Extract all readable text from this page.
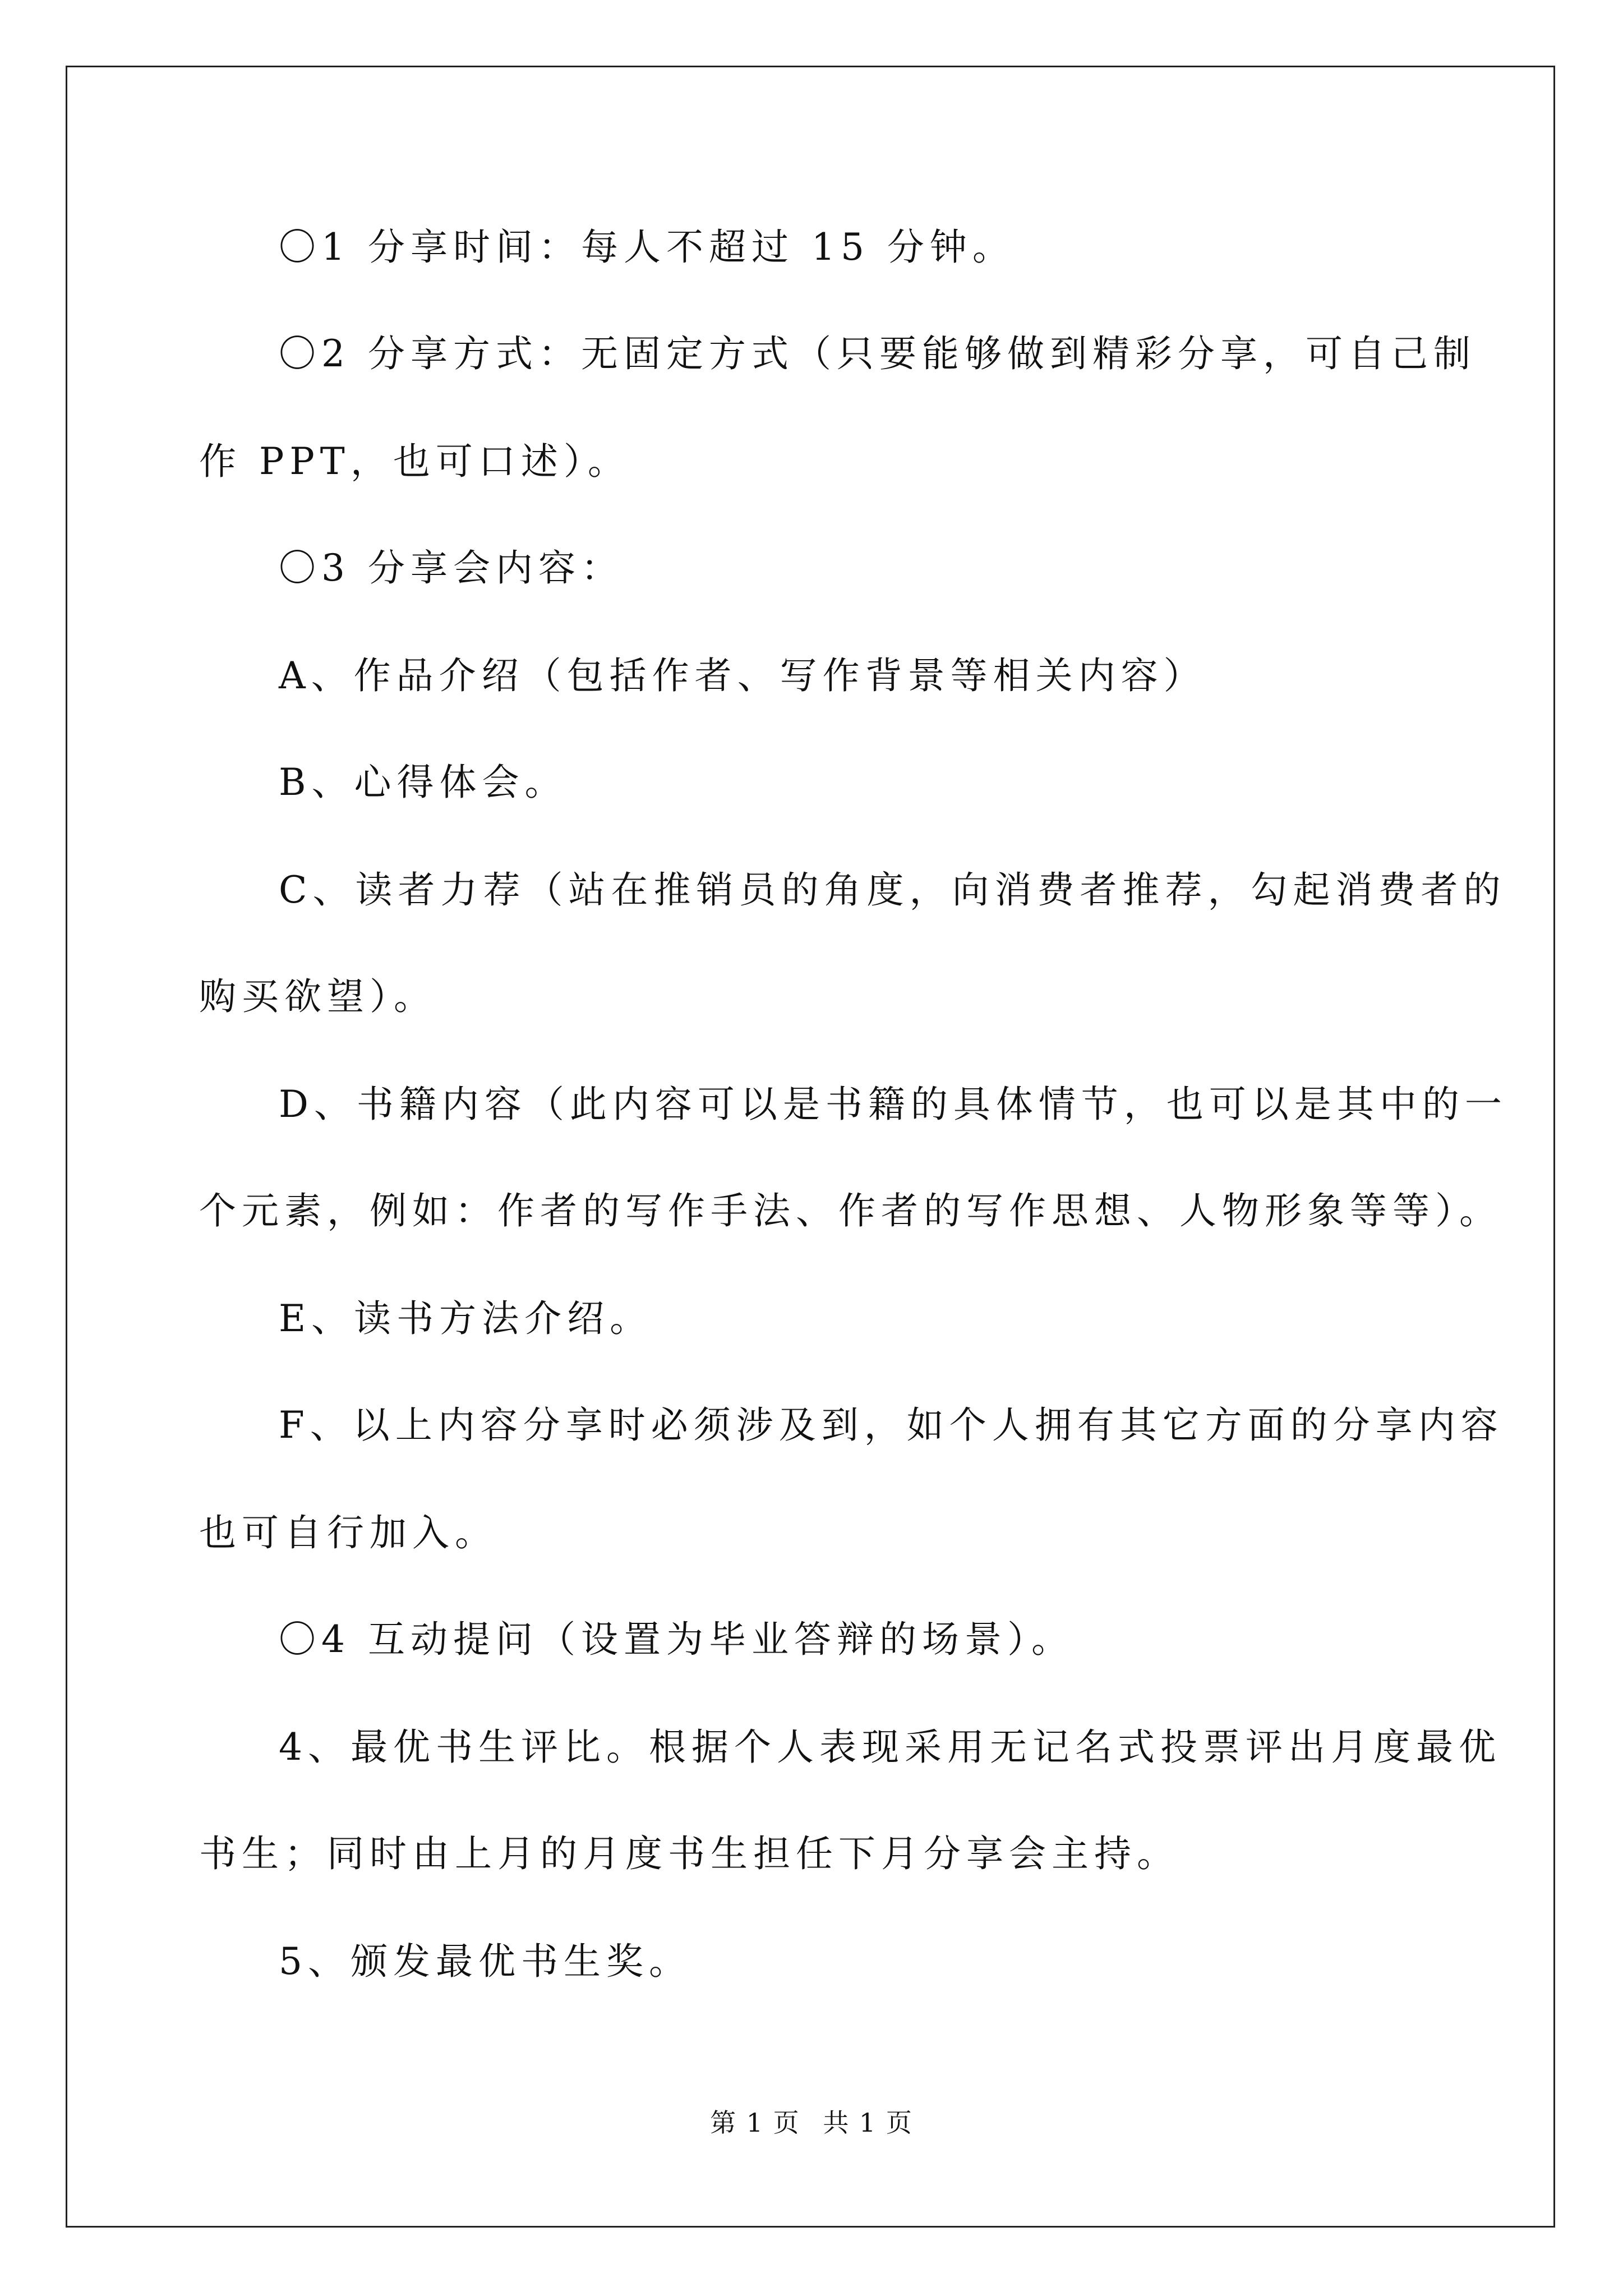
〇1 分享时间：每人不超过 15 分钟。
〇2 分享方式：无固定方式（只要能够做到精彩分享，可自己制
作 PPT，也可口述）。
〇3 分享会内容：
A、作品介绍（包括作者、写作背景等相关内容）
B、心得体会。
C、读者力荐（站在推销员的角度，向消费者推荐，勾起消费者的
购买欲望）。
D、书籍内容（此内容可以是书籍的具体情节，也可以是其中的一
个元素，例如：作者的写作手法、作者的写作思想、人物形象等等）。
E、读书方法介绍。
F、以上内容分享时必须涉及到，如个人拥有其它方面的分享内容
也可自行加入。
〇4 互动提问（设置为毕业答辩的场景）。
4、最优书生评比。根据个人表现采用无记名式投票评出月度最优
书生；同时由上月的月度书生担任下月分享会主持。
5、颁发最优书生奖。
第 1 页 共 1 页
